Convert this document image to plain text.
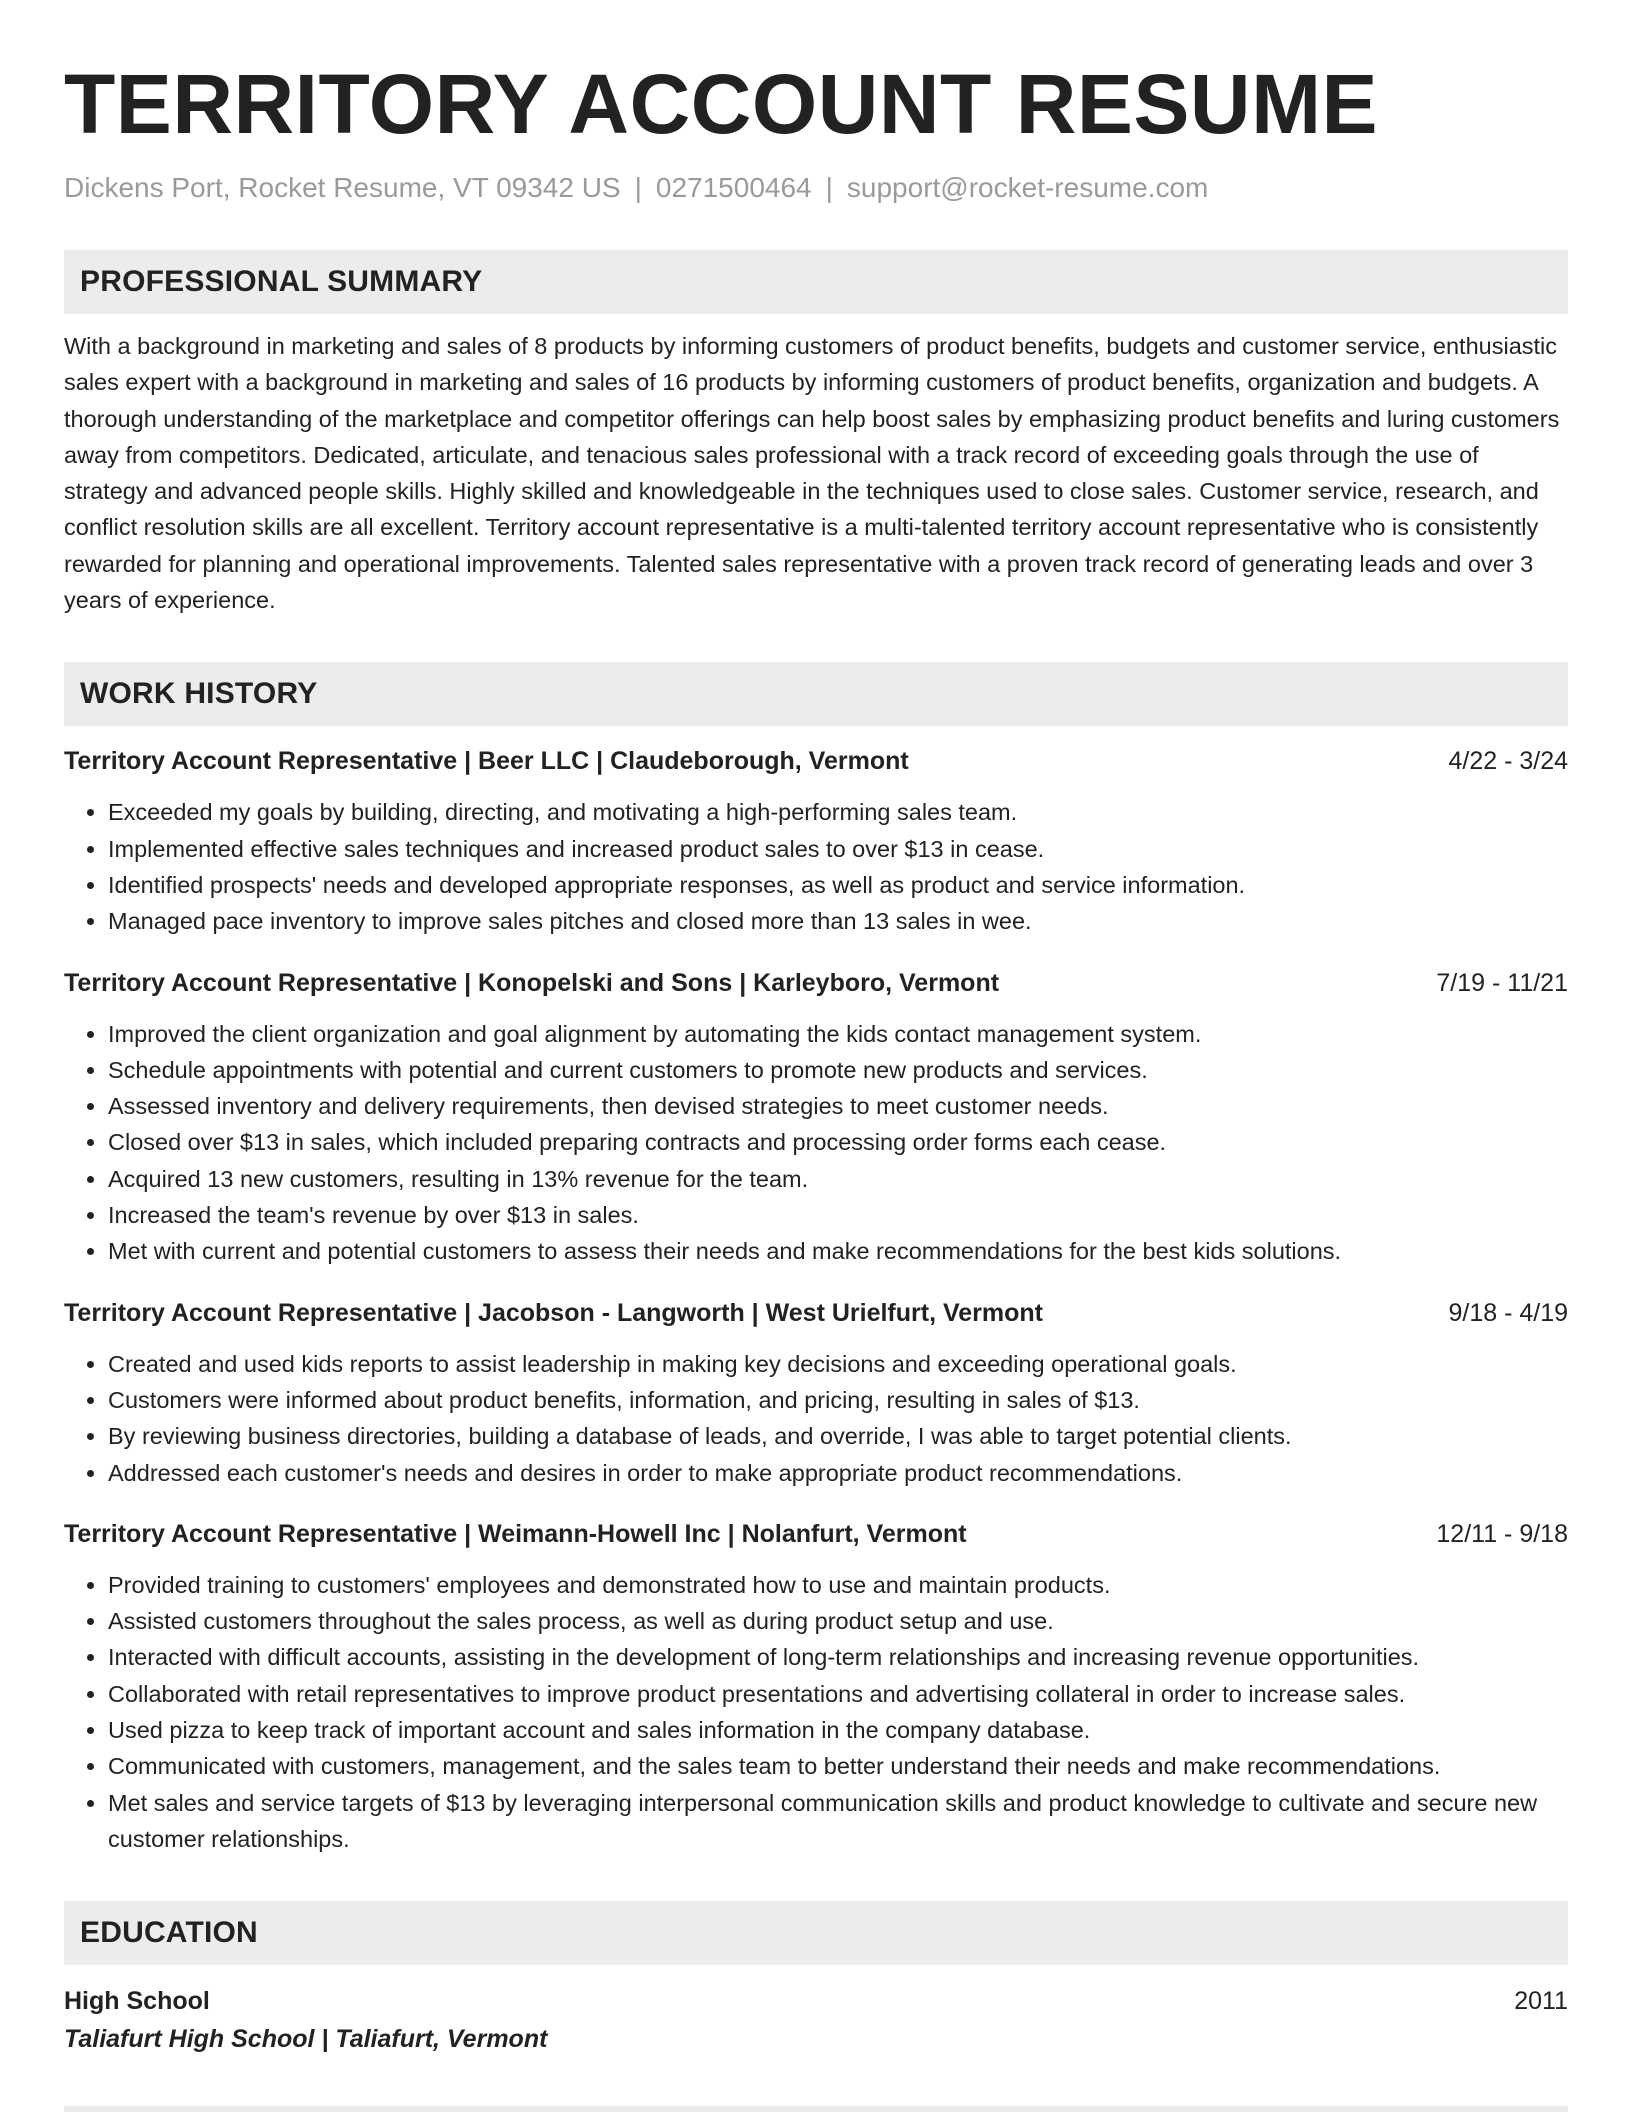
TERRITORY ACCOUNT RESUME
Dickens Port, Rocket Resume, VT 09342 US | 0271500464 | support@rocket-resume.com
PROFESSIONAL SUMMARY
With a background in marketing and sales of 8 products by informing customers of product benefits, budgets and customer service, enthusiastic sales expert with a background in marketing and sales of 16 products by informing customers of product benefits, organization and budgets. A thorough understanding of the marketplace and competitor offerings can help boost sales by emphasizing product benefits and luring customers away from competitors. Dedicated, articulate, and tenacious sales professional with a track record of exceeding goals through the use of strategy and advanced people skills. Highly skilled and knowledgeable in the techniques used to close sales. Customer service, research, and conflict resolution skills are all excellent. Territory account representative is a multi-talented territory account representative who is consistently rewarded for planning and operational improvements. Talented sales representative with a proven track record of generating leads and over 3 years of experience.
WORK HISTORY
Territory Account Representative | Beer LLC | Claudeborough, Vermont	4/22 - 3/24
• Exceeded my goals by building, directing, and motivating a high-performing sales team.
• Implemented effective sales techniques and increased product sales to over $13 in cease.
• Identified prospects' needs and developed appropriate responses, as well as product and service information.
• Managed pace inventory to improve sales pitches and closed more than 13 sales in wee.
Territory Account Representative | Konopelski and Sons | Karleyboro, Vermont	7/19 - 11/21
• Improved the client organization and goal alignment by automating the kids contact management system.
• Schedule appointments with potential and current customers to promote new products and services.
• Assessed inventory and delivery requirements, then devised strategies to meet customer needs.
• Closed over $13 in sales, which included preparing contracts and processing order forms each cease.
• Acquired 13 new customers, resulting in 13% revenue for the team.
• Increased the team's revenue by over $13 in sales.
• Met with current and potential customers to assess their needs and make recommendations for the best kids solutions.
Territory Account Representative | Jacobson - Langworth | West Urielfurt, Vermont	9/18 - 4/19
• Created and used kids reports to assist leadership in making key decisions and exceeding operational goals.
• Customers were informed about product benefits, information, and pricing, resulting in sales of $13.
• By reviewing business directories, building a database of leads, and override, I was able to target potential clients.
• Addressed each customer's needs and desires in order to make appropriate product recommendations.
Territory Account Representative | Weimann-Howell Inc | Nolanfurt, Vermont	12/11 - 9/18
• Provided training to customers' employees and demonstrated how to use and maintain products.
• Assisted customers throughout the sales process, as well as during product setup and use.
• Interacted with difficult accounts, assisting in the development of long-term relationships and increasing revenue opportunities.
• Collaborated with retail representatives to improve product presentations and advertising collateral in order to increase sales.
• Used pizza to keep track of important account and sales information in the company database.
• Communicated with customers, management, and the sales team to better understand their needs and make recommendations.
• Met sales and service targets of $13 by leveraging interpersonal communication skills and product knowledge to cultivate and secure new customer relationships.
EDUCATION
High School	2011
Taliafurt High School | Taliafurt, Vermont
